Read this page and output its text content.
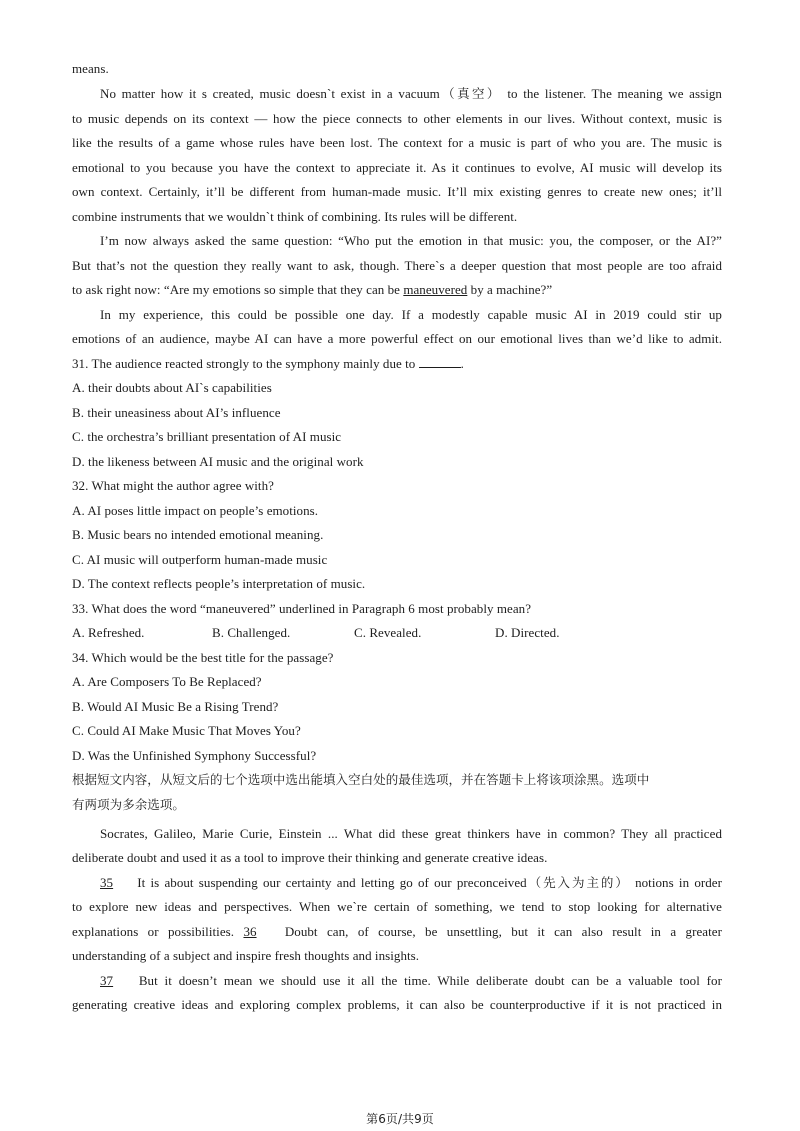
means.
No matter how it s created, music doesn`t exist in a vacuum（真空） to the listener. The meaning we assign
to music depends on its context — how the piece connects to other elements in our lives. Without context, music is
like the results of a game whose rules have been lost. The context for a music is part of who you are. The music is
emotional to you because you have the context to appreciate it. As it continues to evolve, AI music will develop its
own context. Certainly, it’ll be different from human-made music. It’ll mix existing genres to create new ones; it’ll
combine instruments that we wouldn`t think of combining. Its rules will be different.
I’m now always asked the same question: “Who put the emotion in that music: you, the composer, or the AI?”
But that’s not the question they really want to ask, though. There`s a deeper question that most people are too afraid
to ask right now: “Are my emotions so simple that they can be maneuvered by a machine?”
In my experience, this could be possible one day. If a modestly capable music AI in 2019 could stir up
emotions of an audience, maybe AI can have a more powerful effect on our emotional lives than we’d like to admit.
31. The audience reacted strongly to the symphony mainly due to	.
A. their doubts about AI`s capabilities
B. their uneasiness about AI’s influence
C. the orchestra’s brilliant presentation of AI music
D. the likeness between AI music and the original work
32. What might the author agree with?
A. AI poses little impact on people’s emotions.
B. Music bears no intended emotional meaning.
C. AI music will outperform human-made music
D. The context reflects people’s interpretation of music.
33. What does the word “maneuvered” underlined in Paragraph 6 most probably mean?
A. Refreshed.	B. Challenged.	C. Revealed.	D. Directed.
34. Which would be the best title for the passage?
A. Are Composers To Be Replaced?
B. Would AI Music Be a Rising Trend?
C. Could AI Make Music That Moves You?
D. Was the Unfinished Symphony Successful?
根据短文内容，从短文后的七个选项中选出能填入空白处的最佳选项，并在答题卡上将该项涂黑。选项中
有两项为多余选项。
Socrates, Galileo, Marie Curie, Einstein ... What did these great thinkers have in common? They all practiced
deliberate doubt and used it as a tool to improve their thinking and generate creative ideas.
35 It is about suspending our certainty and letting go of our preconceived（先入为主的） notions in order
to explore new ideas and perspectives. When we`re certain of something, we tend to stop looking for alternative
explanations or possibilities. 36 Doubt can, of course, be unsettling, but it can also result in a greater
understanding of a subject and inspire fresh thoughts and insights.
37 But it doesn’t mean we should use it all the time. While deliberate doubt can be a valuable tool for
generating creative ideas and exploring complex problems, it can also be counterproductive if it is not practiced in
第6页/共9页
